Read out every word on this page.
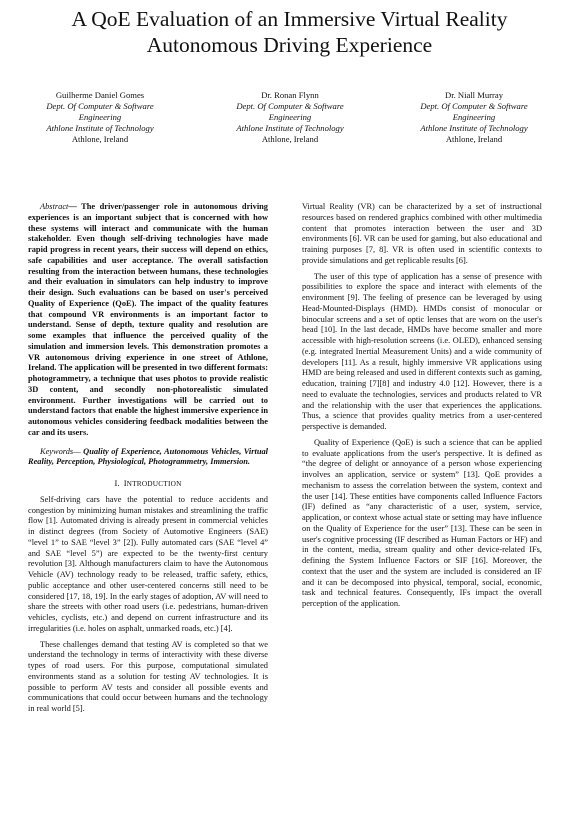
A QoE Evaluation of an Immersive Virtual Reality
Autonomous Driving Experience
Guilherme Daniel Gomes
Dept. Of Computer & Software
Engineering
Athlone Institute of Technology
Athlone, Ireland
Dr. Ronan Flynn
Dept. Of Computer & Software
Engineering
Athlone Institute of Technology
Athlone, Ireland
Dr. Niall Murray
Dept. Of Computer & Software
Engineering
Athlone Institute of Technology
Athlone, Ireland

Abstract— The driver/passenger role in autonomous driving experiences is an important subject that is concerned with how these systems will interact and communicate with the human stakeholder. Even though self-driving technologies have made rapid progress in recent years, their success will depend on ethics, safe capabilities and user acceptance. The overall satisfaction resulting from the interaction between humans, these technologies and their evaluation in simulators can help industry to improve their design. Such evaluations can be based on user's perceived Quality of Experience (QoE). The impact of the quality features that compound VR environments is an important factor to understand. Sense of depth, texture quality and resolution are some examples that influence the perceived quality of the simulation and immersion levels. This demonstration promotes a VR autonomous driving experience in one street of Athlone, Ireland. The application will be presented in two different formats: photogrammetry, a technique that uses photos to provide realistic 3D content, and secondly non-photorealistic simulated environment. Further investigations will be carried out to understand factors that enable the highest immersive experience in autonomous vehicles considering feedback modalities between the car and its users.

Keywords— Quality of Experience, Autonomous Vehicles, Virtual Reality, Perception, Physiological, Photogrammetry, Immersion.

I. INTRODUCTION

Self-driving cars have the potential to reduce accidents and congestion by minimizing human mistakes and streamlining the traffic flow [1]. Automated driving is already present in commercial vehicles in distinct degrees (from Society of Automotive Engineers (SAE) “level 1” to SAE “level 3” [2]). Fully automated cars (SAE “level 4” and SAE “level 5”) are expected to be the twenty-first century revolution [3]. Although manufacturers claim to have the Autonomous Vehicle (AV) technology ready to be released, traffic safety, ethics, public acceptance and other user-centered concerns still need to be considered [17, 18, 19]. In the early stages of adoption, AV will need to share the streets with other road users (i.e. pedestrians, human-driven vehicles, cyclists, etc.) and depend on current infrastructure and its irregularities (i.e. holes on asphalt, unmarked roads, etc.) [4].

These challenges demand that testing AV is completed so that we understand the technology in terms of interactivity with these diverse types of road users. For this purpose, computational simulated environments stand as a solution for testing AV technologies. It is possible to perform AV tests and consider all possible events and communications that could occur between humans and the technology in real world [5].

Virtual Reality (VR) can be characterized by a set of instructional resources based on rendered graphics combined with other multimedia content that promotes interaction between the user and 3D environments [6]. VR can be used for gaming, but also educational and training purposes [7, 8]. VR is often used in scientific contexts to provide simulations and get replicable results [6].

The user of this type of application has a sense of presence with possibilities to explore the space and interact with elements of the environment [9]. The feeling of presence can be leveraged by using Head-Mounted-Displays (HMD). HMDs consist of monocular or binocular screens and a set of optic lenses that are worn on the user's head [10]. In the last decade, HMDs have become smaller and more accessible with high-resolution screens (i.e. OLED), enhanced sensing (e.g. integrated Inertial Measurement Units) and a wide community of developers [11]. As a result, highly immersive VR applications using HMD are being released and used in different contexts such as gaming, education, training [7][8] and industry 4.0 [12]. However, there is a need to evaluate the technologies, services and products related to VR and the relationship with the user that experiences the applications. Thus, a science that provides quality metrics from a user-centered perspective is demanded.

Quality of Experience (QoE) is such a science that can be applied to evaluate applications from the user's perspective. It is defined as “the degree of delight or annoyance of a person whose experiencing involves an application, service or system” [13]. QoE provides a mechanism to assess the correlation between the system, context and the user [14]. These entities have components called Influence Factors (IF) defined as “any characteristic of a user, system, service, application, or context whose actual state or setting may have influence on the Quality of Experience for the user” [13]. These can be seen in user's cognitive processing (IF described as Human Factors or HF) and in the content, media, stream quality and other device-related IFs, defining the System Influence Factors or SIF [16]. Moreover, the context that the user and the system are included is considered an IF and it can be decomposed into physical, temporal, social, economic, task and technical features. Consequently, IFs impact the overall perception of the application.
